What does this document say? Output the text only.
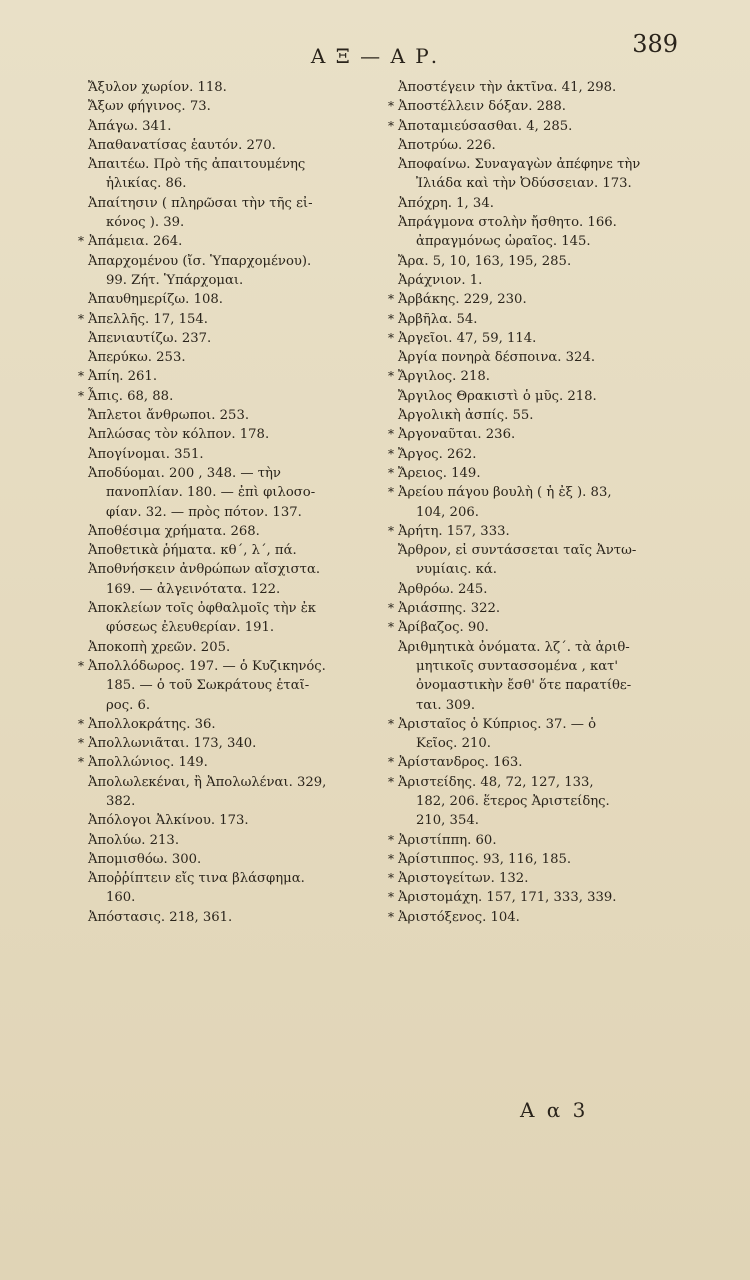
Α Ξ — Α Ρ.	389
Ἄξυλον χωρίον. 118.
Ἄξων φήγινος. 73.
Ἀπάγω. 341.
Ἀπαθανατίσας ἑαυτόν. 270.
Ἀπαιτέω. Πρὸ τῆς ἀπαιτουμένης
ἡλικίας. 86.
Ἀπαίτησιν ( πληρῶσαι τὴν τῆς εἰ-
κόνος ). 39.
* Ἀπάμεια. 264.
Ἀπαρχομένου (ἴσ. Ὑπαρχομένου).
99. Ζήτ. Ὑπάρχομαι.
Ἀπαυθημερίζω. 108.
* Ἀπελλῆς. 17, 154.
Ἀπενιαυτίζω. 237.
Ἀπερύκω. 253.
* Ἀπίη. 261.
* Ἆπις. 68, 88.
Ἄπλετοι ἄνθρωποι. 253.
Ἀπλώσας τὸν κόλπον. 178.
Ἀπογίνομαι. 351.
Ἀποδύομαι. 200 , 348. — τὴν
πανοπλίαν. 180. — ἐπὶ φιλοσο-
φίαν. 32. — πρὸς πότον. 137.
Ἀποθέσιμα χρήματα. 268.
Ἀποθετικὰ ῥήματα. κθ΄, λ΄, πά.
Ἀποθνήσκειν ἀνθρώπων αἴσχιστα.
169. — ἀλγεινότατα. 122.
Ἀποκλείων τοῖς ὀφθαλμοῖς τὴν ἐκ
φύσεως ἐλευθερίαν. 191.
Ἀποκοπὴ χρεῶν. 205.
* Ἀπολλόδωρος. 197. — ὁ Κυζικηνός.
185. — ὁ τοῦ Σωκράτους ἑταῖ-
ρος. 6.
* Ἀπολλοκράτης. 36.
* Ἀπολλωνιᾶται. 173, 340.
* Ἀπολλώνιος. 149.
Ἀπολωλεκέναι, ἢ Ἀπολωλέναι. 329,
382.
Ἀπόλογοι Ἀλκίνου. 173.
Ἀπολύω. 213.
Ἀπομισθόω. 300.
Ἀποῤῥίπτειν εἴς τινα βλάσφημα.
160.
Ἀπόστασις. 218, 361.
Ἀποστέγειν τὴν ἀκτῖνα. 41, 298.
* Ἀποστέλλειν δόξαν. 288.
* Ἀποταμιεύσασθαι. 4, 285.
Ἀποτρύω. 226.
Ἀποφαίνω. Συναγαγὼν ἀπέφηνε τὴν
Ἰλιάδα καὶ τὴν Ὀδύσσειαν. 173.
Ἀπόχρη. 1, 34.
Ἀπράγμονα στολὴν ἤσθητο. 166.
ἀπραγμόνως ὡραῖος. 145.
Ἄρα. 5, 10, 163, 195, 285.
Ἀράχνιον. 1.
* Ἀρβάκης. 229, 230.
* Ἀρβῆλα. 54.
* Ἀργεῖοι. 47, 59, 114.
Ἀργία πονηρὰ δέσποινα. 324.
* Ἄργιλος. 218.
Ἄργιλος Θρακιστὶ ὁ μῦς. 218.
Ἀργολικὴ ἀσπίς. 55.
* Ἀργοναῦται. 236.
* Ἄργος. 262.
* Ἄρειος. 149.
* Ἀρείου πάγου βουλὴ ( ἡ ἐξ ). 83,
104, 206.
* Ἀρήτη. 157, 333.
Ἄρθρον, εἰ συντάσσεται ταῖς Ἀντω-
νυμίαις. κά.
Ἀρθρόω. 245.
* Ἀριάσπης. 322.
* Ἀρίβαζος. 90.
Ἀριθμητικὰ ὀνόματα. λζ΄. τὰ ἀριθ-
μητικοῖς συντασσομένα , κατ'
ὀνομαστικὴν ἔσθ' ὅτε παρατίθε-
ται. 309.
* Ἀρισταῖος ὁ Κύπριος. 37. — ὁ
Κεῖος. 210.
* Ἀρίστανδρος. 163.
* Ἀριστείδης. 48, 72, 127, 133,
182, 206. ἕτερος Ἀριστείδης.
210, 354.
* Ἀριστίππη. 60.
* Ἀρίστιππος. 93, 116, 185.
* Ἀριστογείτων. 132.
* Ἀριστομάχη. 157, 171, 333, 339.
* Ἀριστόξενος. 104.
Α α 3
